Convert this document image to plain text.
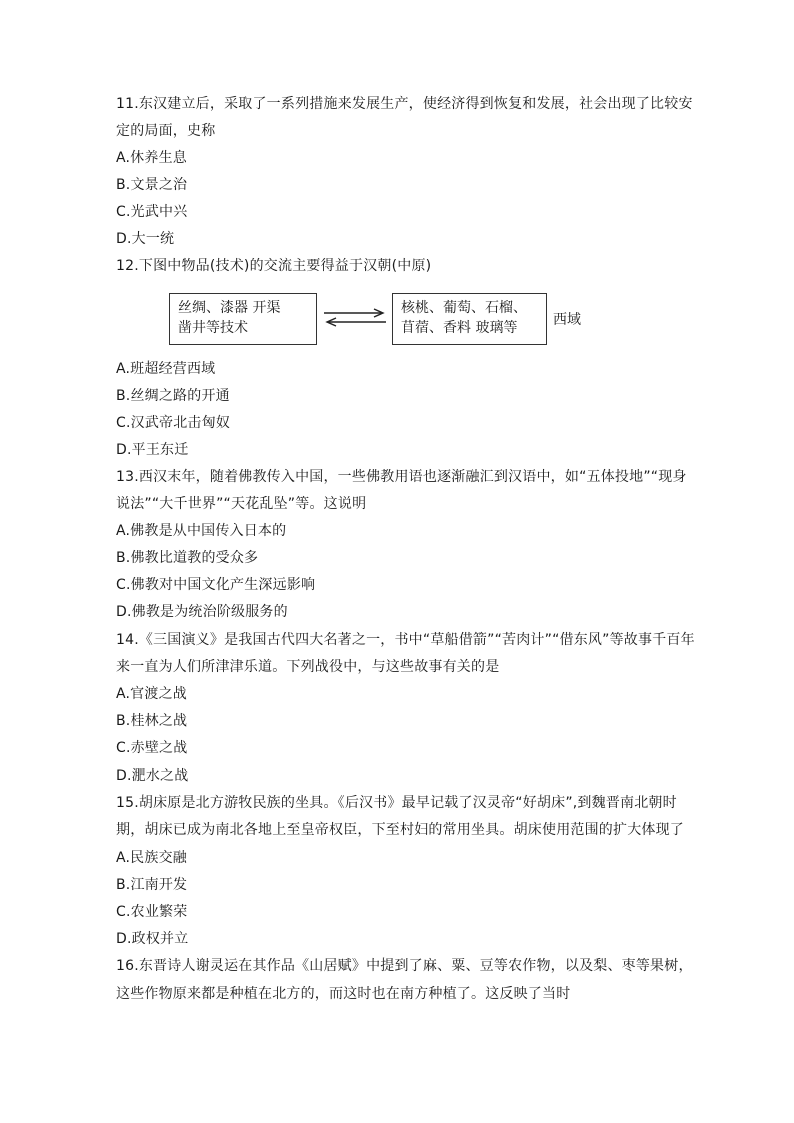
11.东汉建立后，采取了一系列措施来发展生产，使经济得到恢复和发展，社会出现了比较安
定的局面，史称
A.休养生息
B.文景之治
C.光武中兴
D.大一统
12.下图中物品(技术)的交流主要得益于汉朝(中原)
丝绸、漆器 开渠
凿井等技术
核桃、葡萄、石榴、
苜蓿、香料 玻璃等	西域
A.班超经营西域
B.丝绸之路的开通
C.汉武帝北击匈奴
D.平王东迁
13.西汉末年，随着佛教传入中国，一些佛教用语也逐渐融汇到汉语中，如“五体投地”“现身
说法”“大千世界”“天花乱坠”等。这说明
A.佛教是从中国传入日本的
B.佛教比道教的受众多
C.佛教对中国文化产生深远影响
D.佛教是为统治阶级服务的
14.《三国演义》是我国古代四大名著之一，书中“草船借箭”“苦肉计”“借东风”等故事千百年
来一直为人们所津津乐道。下列战役中，与这些故事有关的是
A.官渡之战
B.桂林之战
C.赤壁之战
D.淝水之战
15.胡床原是北方游牧民族的坐具。《后汉书》最早记载了汉灵帝“好胡床”,到魏晋南北朝时
期，胡床已成为南北各地上至皇帝权臣，下至村妇的常用坐具。胡床使用范围的扩大体现了
A.民族交融
B.江南开发
C.农业繁荣
D.政权并立
16.东晋诗人谢灵运在其作品《山居赋》中提到了麻、粟、豆等农作物，以及梨、枣等果树，
这些作物原来都是种植在北方的，而这时也在南方种植了。这反映了当时
